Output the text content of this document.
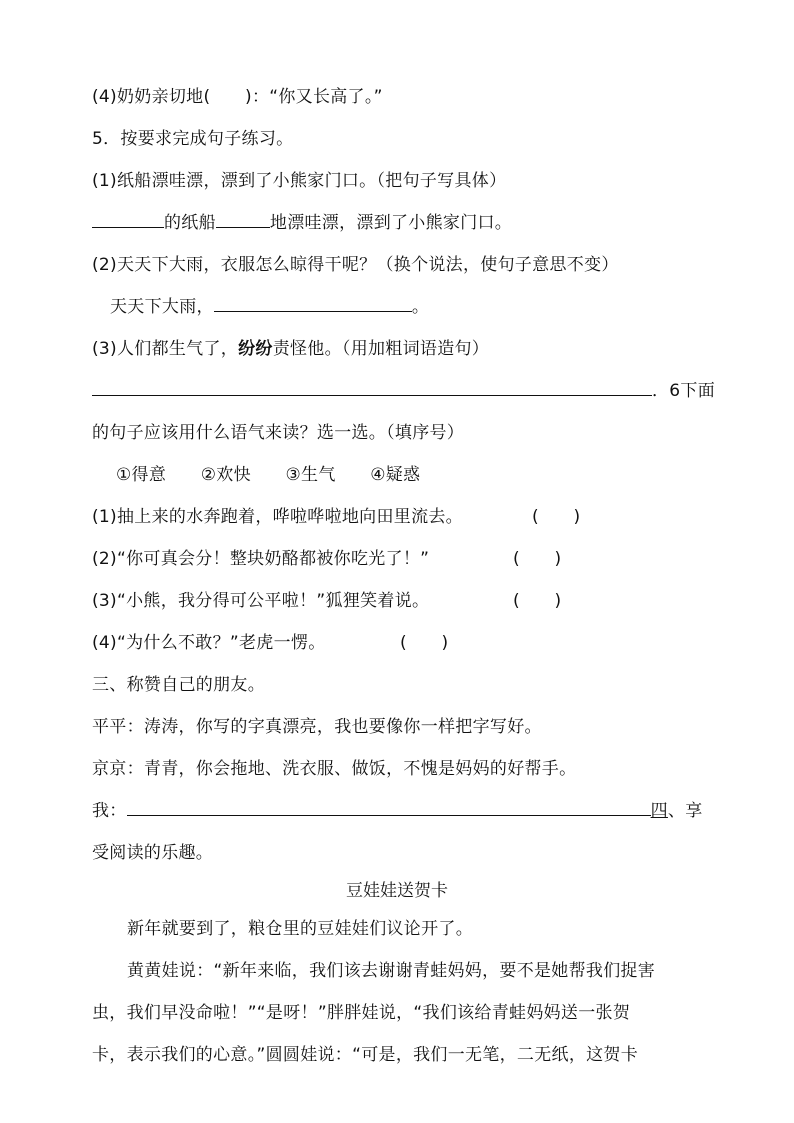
(4)奶奶亲切地(　　)：“你又长高了。”
5．按要求完成句子练习。
(1)纸船漂哇漂，漂到了小熊家门口。（把句子写具体）
的纸船	地漂哇漂，漂到了小熊家门口。
(2)天天下大雨，衣服怎么晾得干呢？（换个说法，使句子意思不变）
天天下大雨，	。
(3)人们都生气了，纷纷责怪他。（用加粗词语造句）
．6下面
的句子应该用什么语气来读？选一选。（填序号）
①得意　　②欢快　　③生气　　④疑惑
(1)抽上来的水奔跑着，哗啦哗啦地向田里流去。	(　　)
(2)“你可真会分！整块奶酪都被你吃光了！”	(　　)
(3)“小熊，我分得可公平啦！”狐狸笑着说。	(　　)
(4)“为什么不敢？”老虎一愣。	(　　)
三、称赞自己的朋友。
平平：涛涛，你写的字真漂亮，我也要像你一样把字写好。
京京：青青，你会拖地、洗衣服、做饭，不愧是妈妈的好帮手。
我：	四、享
受阅读的乐趣。
豆娃娃送贺卡
新年就要到了，粮仓里的豆娃娃们议论开了。
黄黄娃说：“新年来临，我们该去谢谢青蛙妈妈，要不是她帮我们捉害
虫，我们早没命啦！”“是呀！”胖胖娃说，“我们该给青蛙妈妈送一张贺
卡，表示我们的心意。”圆圆娃说：“可是，我们一无笔，二无纸，这贺卡
